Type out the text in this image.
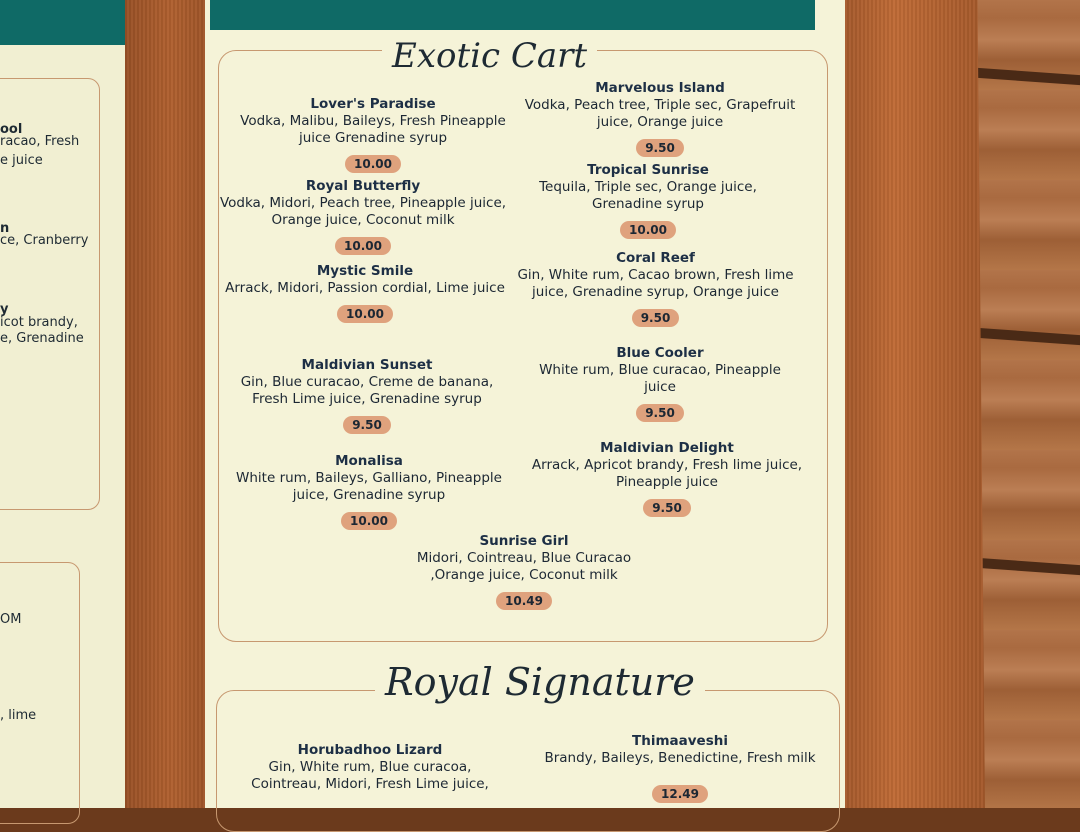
ool
racao, Fresh
e juice
n
ce, Cranberry
y
icot brandy,
e, Grenadine
OM
, lime
Exotic Cart
Lover's Paradise
Vodka, Malibu, Baileys, Fresh Pineapple juice Grenadine syrup
10.00
Marvelous Island
Vodka, Peach tree, Triple sec, Grapefruit juice, Orange juice
9.50
Royal Butterfly
Vodka, Midori, Peach tree, Pineapple juice, Orange juice, Coconut milk
10.00
Tropical Sunrise
Tequila, Triple sec, Orange juice, Grenadine syrup
10.00
Mystic Smile
Arrack, Midori, Passion cordial, Lime juice
10.00
Coral Reef
Gin, White rum, Cacao brown, Fresh lime juice, Grenadine syrup, Orange juice
9.50
Maldivian Sunset
Gin, Blue curacao, Creme de banana, Fresh Lime juice, Grenadine syrup
9.50
Blue Cooler
White rum, Blue curacao, Pineapple juice
9.50
Monalisa
White rum, Baileys, Galliano, Pineapple juice, Grenadine syrup
10.00
Maldivian Delight
Arrack, Apricot brandy, Fresh lime juice, Pineapple juice
9.50
Sunrise Girl
Midori, Cointreau, Blue Curacao ,Orange juice, Coconut milk
10.49
Royal Signature
Horubadhoo Lizard
Gin, White rum, Blue curacoa, Cointreau, Midori, Fresh Lime juice,
Thimaaveshi
Brandy, Baileys, Benedictine, Fresh milk
12.49
